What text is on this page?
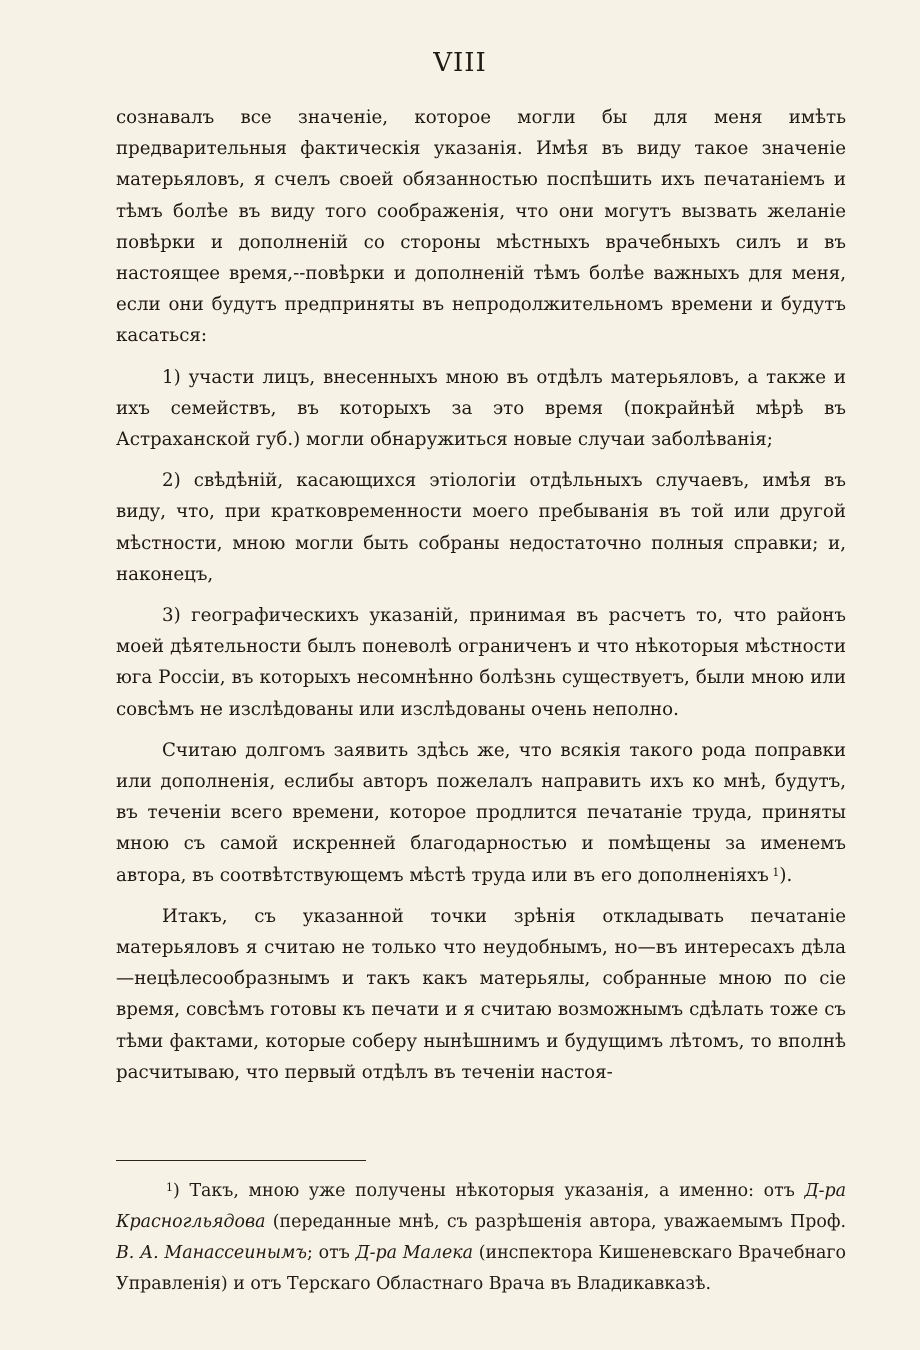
VIII

сознавалъ все значеніе, которое могли бы для меня имѣть предварительныя фактическія указанія. Имѣя въ виду такое значеніе матерьяловъ, я счелъ своей обязанностью поспѣшить ихъ печатаніемъ и тѣмъ болѣе въ виду того соображенія, что они могутъ вызвать желаніе повѣрки и дополненій со стороны мѣстныхъ врачебныхъ силъ и въ настоящее время,--повѣрки и дополненій тѣмъ болѣе важныхъ для меня, если они будутъ предприняты въ непродолжительномъ времени и будутъ касаться:

1) участи лицъ, внесенныхъ мною въ отдѣлъ матерьяловъ, а также и ихъ семействъ, въ которыхъ за это время (покрайнѣй мѣрѣ въ Астраханской губ.) могли обнаружиться новые случаи заболѣванія;

2) свѣдѣній, касающихся этіологіи отдѣльныхъ случаевъ, имѣя въ виду, что, при кратковременности моего пребыванія въ той или другой мѣстности, мною могли быть собраны недостаточно полныя справки; и, наконецъ,

3) географическихъ указаній, принимая въ расчетъ то, что районъ моей дѣятельности былъ поневолѣ ограниченъ и что нѣкоторыя мѣстности юга Россіи, въ которыхъ несомнѣнно болѣзнь существуетъ, были мною или совсѣмъ не изслѣдованы или изслѣдованы очень неполно.

Считаю долгомъ заявить здѣсь же, что всякія такого рода поправки или дополненія, еслибы авторъ пожелалъ направить ихъ ко мнѣ, будутъ, въ теченіи всего времени, которое продлится печатаніе труда, приняты мною съ самой искренней благодарностью и помѣщены за именемъ автора, въ соотвѣтствующемъ мѣстѣ труда или въ его дополненіяхъ  $^1$).

Итакъ, съ указанной точки зрѣнія откладывать печатаніе матерьяловъ я считаю не только что неудобнымъ, но—въ интересахъ дѣла—нецѣлесообразнымъ и такъ какъ матерьялы, собранные мною по сіе время, совсѣмъ готовы къ печати и я считаю возможнымъ сдѣлать тоже съ тѣми фактами, которые соберу нынѣшнимъ и будущимъ лѣтомъ, то вполнѣ расчитываю, что первый отдѣлъ въ теченіи настоя-

$^1$) Такъ, мною уже получены нѣкоторыя указанія, а именно: отъ Д-ра Красногльядова (переданные мнѣ, съ разрѣшенія автора, уважаемымъ Проф. В. А. Манассеинымъ; отъ Д-ра Малека (инспектора Кишеневскаго Врачебнаго Управленія) и отъ Терскаго Областнаго Врача въ Владикавказѣ.
